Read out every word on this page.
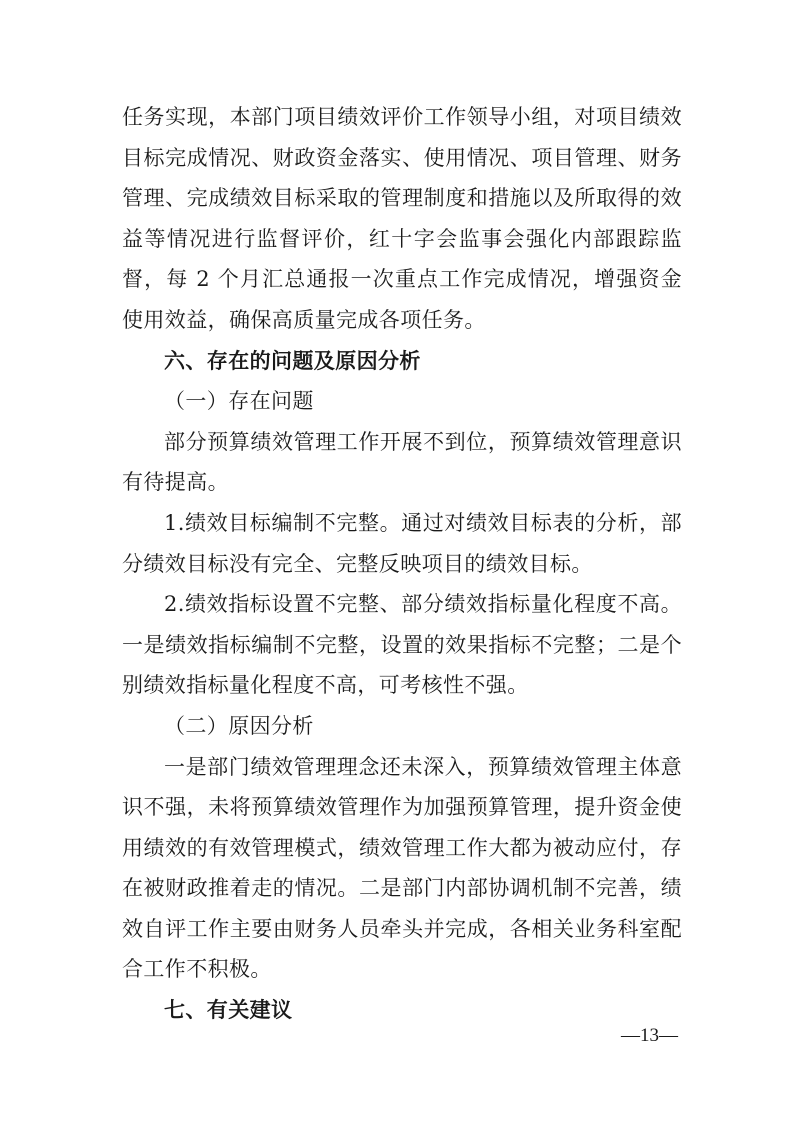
任务实现，本部门项目绩效评价工作领导小组，对项目绩效目标完成情况、财政资金落实、使用情况、项目管理、财务管理、完成绩效目标采取的管理制度和措施以及所取得的效益等情况进行监督评价，红十字会监事会强化内部跟踪监督，每 2 个月汇总通报一次重点工作完成情况，增强资金使用效益，确保高质量完成各项任务。

六、存在的问题及原因分析

（一）存在问题

部分预算绩效管理工作开展不到位，预算绩效管理意识有待提高。

1.绩效目标编制不完整。通过对绩效目标表的分析，部分绩效目标没有完全、完整反映项目的绩效目标。

2.绩效指标设置不完整、部分绩效指标量化程度不高。一是绩效指标编制不完整，设置的效果指标不完整；二是个别绩效指标量化程度不高，可考核性不强。

（二）原因分析

一是部门绩效管理理念还未深入，预算绩效管理主体意识不强，未将预算绩效管理作为加强预算管理，提升资金使用绩效的有效管理模式，绩效管理工作大都为被动应付，存在被财政推着走的情况。二是部门内部协调机制不完善，绩效自评工作主要由财务人员牵头并完成，各相关业务科室配合工作不积极。

七、有关建议

—13—
